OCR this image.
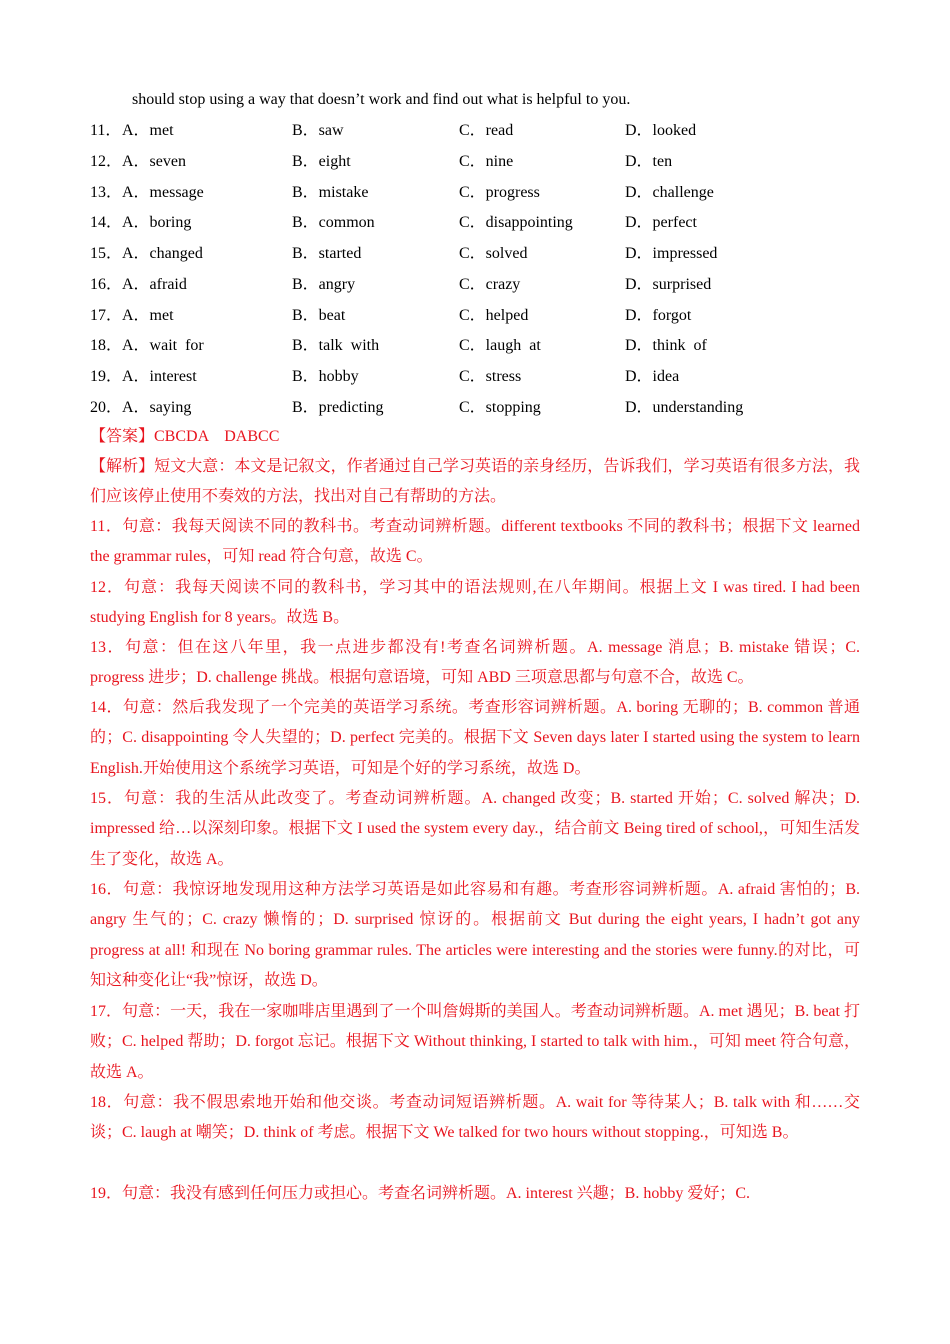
should stop using a way that doesn’t work and find out what is helpful to you.
11． A．met	B．saw	C．read	D．looked
12． A．seven	B．eight	C．nine	D．ten
13． A．message	B．mistake	C．progress	D．challenge
14． A．boring	B．common	C．disappointing	D．perfect
15． A．changed	B．started	C．solved	D．impressed
16． A．afraid	B．angry	C．crazy	D．surprised
17． A．met	B．beat	C．helped	D．forgot
18． A．wait  for	B．talk  with	C．laugh  at	D．think  of
19． A．interest	B．hobby	C．stress	D．idea
20． A．saying	B．predicting	C．stopping	D．understanding
【答案】CBCDA    DABCC
【解析】短文大意：本文是记叙文，作者通过自己学习英语的亲身经历，告诉我们，学习英语有很多方法，我们应该停止使用不奏效的方法，找出对自己有帮助的方法。
11．句意：我每天阅读不同的教科书。考查动词辨析题。different textbooks 不同的教科书；根据下文 learned the grammar rules，可知 read 符合句意，故选 C。
12．句意：我每天阅读不同的教科书，学习其中的语法规则,在八年期间。根据上文 I was tired. I had been studying English for 8 years。故选 B。
13．句意：但在这八年里，我一点进步都没有!考查名词辨析题。A. message 消息；B. mistake 错误；C. progress 进步；D. challenge 挑战。根据句意语境，可知 ABD 三项意思都与句意不合，故选 C。
14．句意：然后我发现了一个完美的英语学习系统。考查形容词辨析题。A. boring 无聊的；B. common 普通的；C. disappointing 令人失望的；D. perfect 完美的。根据下文 Seven days later I started using the system to learn English.开始使用这个系统学习英语，可知是个好的学习系统，故选 D。
15．句意：我的生活从此改变了。考查动词辨析题。A. changed 改变；B. started 开始；C. solved 解决；D. impressed 给…以深刻印象。根据下文 I used the system every day.，结合前文 Being tired of school,，可知生活发生了变化，故选 A。
16．句意：我惊讶地发现用这种方法学习英语是如此容易和有趣。考查形容词辨析题。A. afraid 害怕的；B. angry 生气的；C. crazy 懒惰的；D. surprised 惊讶的。根据前文 But during the eight years, I hadn’t got any progress at all! 和现在 No boring grammar rules. The articles were interesting and the stories were funny.的对比，可知这种变化让“我”惊讶，故选 D。
17．句意：一天，我在一家咖啡店里遇到了一个叫詹姆斯的美国人。考查动词辨析题。A. met 遇见；B. beat 打败；C. helped 帮助；D. forgot 忘记。根据下文 Without thinking, I started to talk with him.，可知 meet 符合句意，故选 A。
18．句意：我不假思索地开始和他交谈。考查动词短语辨析题。A. wait for 等待某人；B. talk with 和……交谈；C. laugh at 嘲笑；D. think of 考虑。根据下文 We talked for two hours without stopping.，可知选 B。
19．句意：我没有感到任何压力或担心。考查名词辨析题。A. interest 兴趣；B. hobby 爱好；C.
